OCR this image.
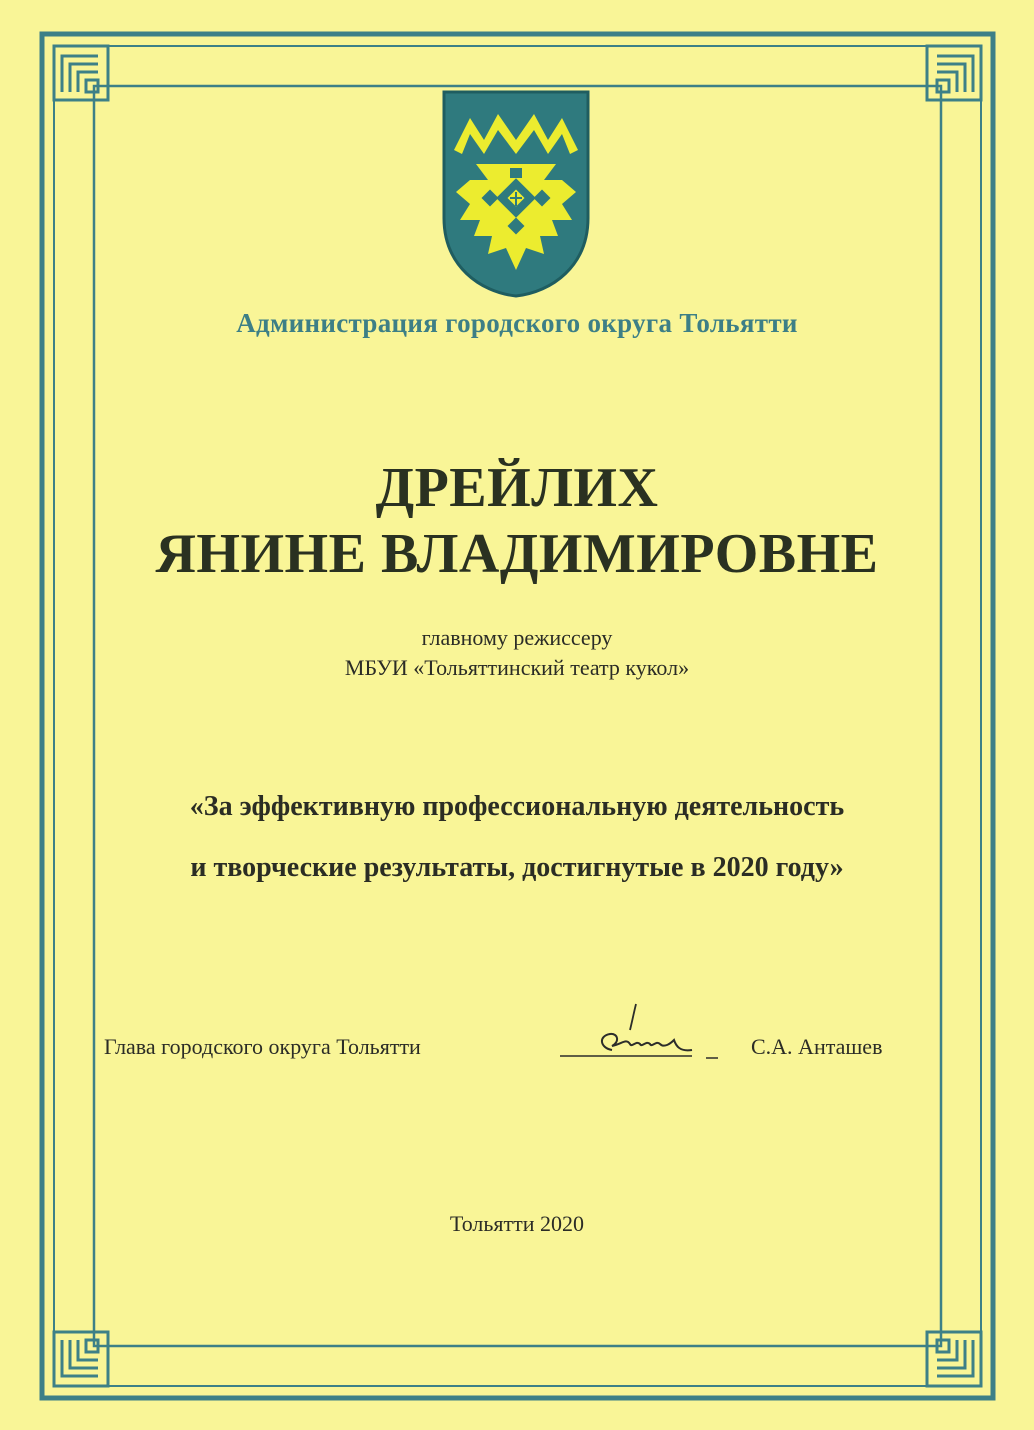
Администрация городского округа Тольятти
ДРЕЙЛИХ
ЯНИНЕ ВЛАДИМИРОВНЕ
главному режиссеру
МБУИ «Тольяттинский театр кукол»
«За эффективную профессиональную деятельность
и творческие результаты, достигнутые в 2020 году»
Глава городского округа Тольятти	С.А. Анташев
Тольятти 2020
